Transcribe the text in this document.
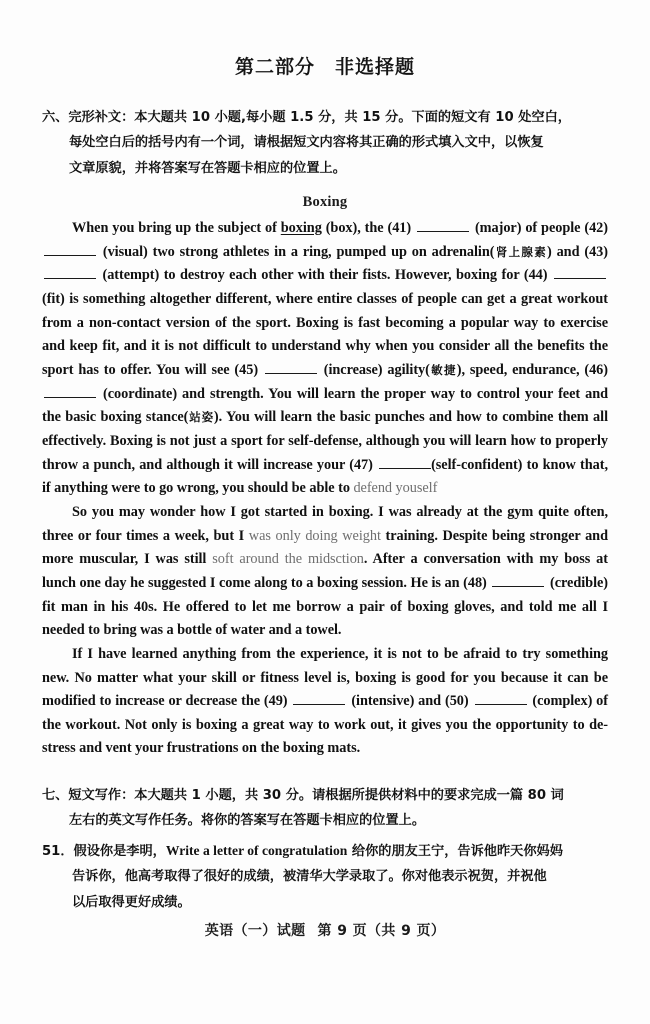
第二部分 非选择题
六、完形补文：本大题共 10 小题,每小题 1.5 分，共 15 分。下面的短文有 10 处空白，
每处空白后的括号内有一个词，请根据短文内容将其正确的形式填入文中，以恢复
文章原貌，并将答案写在答题卡相应的位置上。
Boxing

When you bring up the subject of boxing (box), the (41)	(major) of people (42)  (visual) two strong athletes in a ring, pumped up on adrenalin(肾上腺素) and (43)  (attempt) to destroy each other with their fists. However, boxing for (44)  (fit) is something altogether different, where entire classes of people can get a great workout from a non-contact version of the sport. Boxing is fast becoming a popular way to exercise and keep fit, and it is not difficult to understand why when you consider all the benefits the sport has to offer. You will see (45)	(increase) agility(敏捷), speed, endurance, (46)  (coordinate) and strength. You will learn the proper way to control your feet and the basic boxing stance(站姿). You will learn the basic punches and how to combine them all effectively. Boxing is not just a sport for self-defense, although you will learn how to properly throw a punch, and although it will increase your (47)	(self-confident) to know that, if anything were to go wrong, you should be able to defend youself

So you may wonder how I got started in boxing. I was already at the gym quite often, three or four times a week, but I was only doing weight training. Despite being stronger and more muscular, I was still soft around the midsction. After a conversation with my boss at lunch one day he suggested I come along to a boxing session. He is an (48)	(credible) fit man in his 40s. He offered to let me borrow a pair of boxing gloves, and told me all I needed to bring was a bottle of water and a towel.

If I have learned anything from the experience, it is not to be afraid to try something new. No matter what your skill or fitness level is, boxing is good for you because it can be modified to increase or decrease the (49)	(intensive) and (50)	(complex) of the workout. Not only is boxing a great way to work out, it gives you the opportunity to de-stress and vent your frustrations on the boxing mats.

七、短文写作：本大题共 1 小题，共 30 分。请根据所提供材料中的要求完成一篇 80 词
左右的英文写作任务。将你的答案写在答题卡相应的位置上。
51．假设你是李明，Write a letter of congratulation 给你的朋友王宁，告诉他昨天你妈妈
告诉你，他高考取得了很好的成绩，被清华大学录取了。你对他表示祝贺，并祝他
以后取得更好成绩。
英语（一）试题 第 9 页（共 9 页）
